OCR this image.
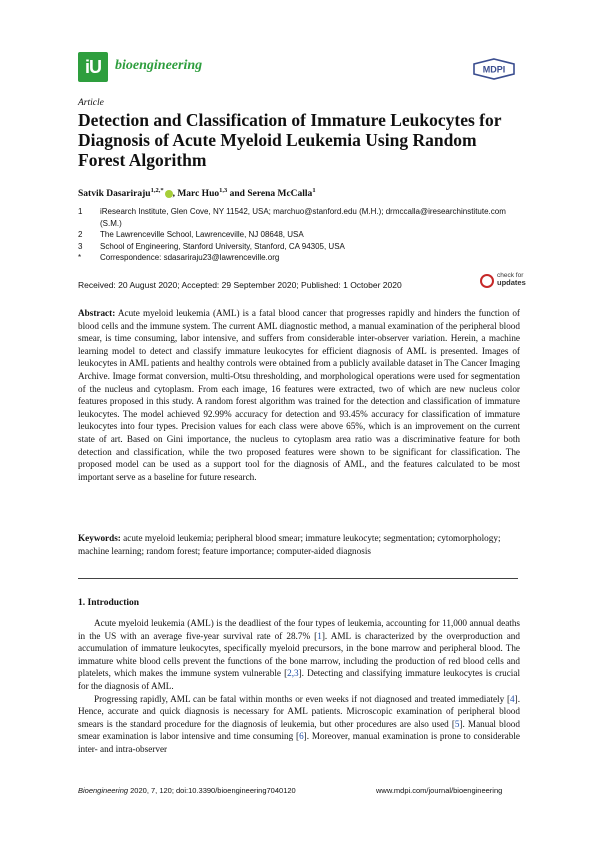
iU	bioengineering	MDPI
Article
Detection and Classification of Immature Leukocytes for Diagnosis of Acute Myeloid Leukemia Using Random Forest Algorithm
Satvik Dasariraju$^{1,2,*}$ , Marc Huo$^{1,3}$ and Serena McCalla$^1$
1	iResearch Institute, Glen Cove, NY 11542, USA; marchuo@stanford.edu (M.H.); drmccalla@iresearchinstitute.com (S.M.)
2	The Lawrenceville School, Lawrenceville, NJ 08648, USA
3	School of Engineering, Stanford University, Stanford, CA 94305, USA
*	Correspondence: sdasariraju23@lawrenceville.org
Received: 20 August 2020; Accepted: 29 September 2020; Published: 1 October 2020
check for
updates
Abstract: Acute myeloid leukemia (AML) is a fatal blood cancer that progresses rapidly and hinders the function of blood cells and the immune system. The current AML diagnostic method, a manual examination of the peripheral blood smear, is time consuming, labor intensive, and suffers from considerable inter-observer variation. Herein, a machine learning model to detect and classify immature leukocytes for efficient diagnosis of AML is presented. Images of leukocytes in AML patients and healthy controls were obtained from a publicly available dataset in The Cancer Imaging Archive. Image format conversion, multi-Otsu thresholding, and morphological operations were used for segmentation of the nucleus and cytoplasm. From each image, 16 features were extracted, two of which are new nucleus color features proposed in this study. A random forest algorithm was trained for the detection and classification of immature leukocytes. The model achieved 92.99% accuracy for detection and 93.45% accuracy for classification of immature leukocytes into four types. Precision values for each class were above 65%, which is an improvement on the current state of art. Based on Gini importance, the nucleus to cytoplasm area ratio was a discriminative feature for both detection and classification, while the two proposed features were shown to be significant for classification. The proposed model can be used as a support tool for the diagnosis of AML, and the features calculated to be most important serve as a baseline for future research.
Keywords: acute myeloid leukemia; peripheral blood smear; immature leukocyte; segmentation; cytomorphology; machine learning; random forest; feature importance; computer-aided diagnosis
1. Introduction

Acute myeloid leukemia (AML) is the deadliest of the four types of leukemia, accounting for 11,000 annual deaths in the US with an average five-year survival rate of 28.7% [1]. AML is characterized by the overproduction and accumulation of immature leukocytes, specifically myeloid precursors, in the bone marrow and peripheral blood. The immature white blood cells prevent the functions of the bone marrow, including the production of red blood cells and platelets, which makes the immune system vulnerable [2,3]. Detecting and classifying immature leukocytes is crucial for the diagnosis of AML.

Progressing rapidly, AML can be fatal within months or even weeks if not diagnosed and treated immediately [4]. Hence, accurate and quick diagnosis is necessary for AML patients. Microscopic examination of peripheral blood smears is the standard procedure for the diagnosis of leukemia, but other procedures are also used [5]. Manual blood smear examination is labor intensive and time consuming [6]. Moreover, manual examination is prone to considerable inter- and intra-observer

Bioengineering 2020, 7, 120; doi:10.3390/bioengineering7040120	www.mdpi.com/journal/bioengineering
